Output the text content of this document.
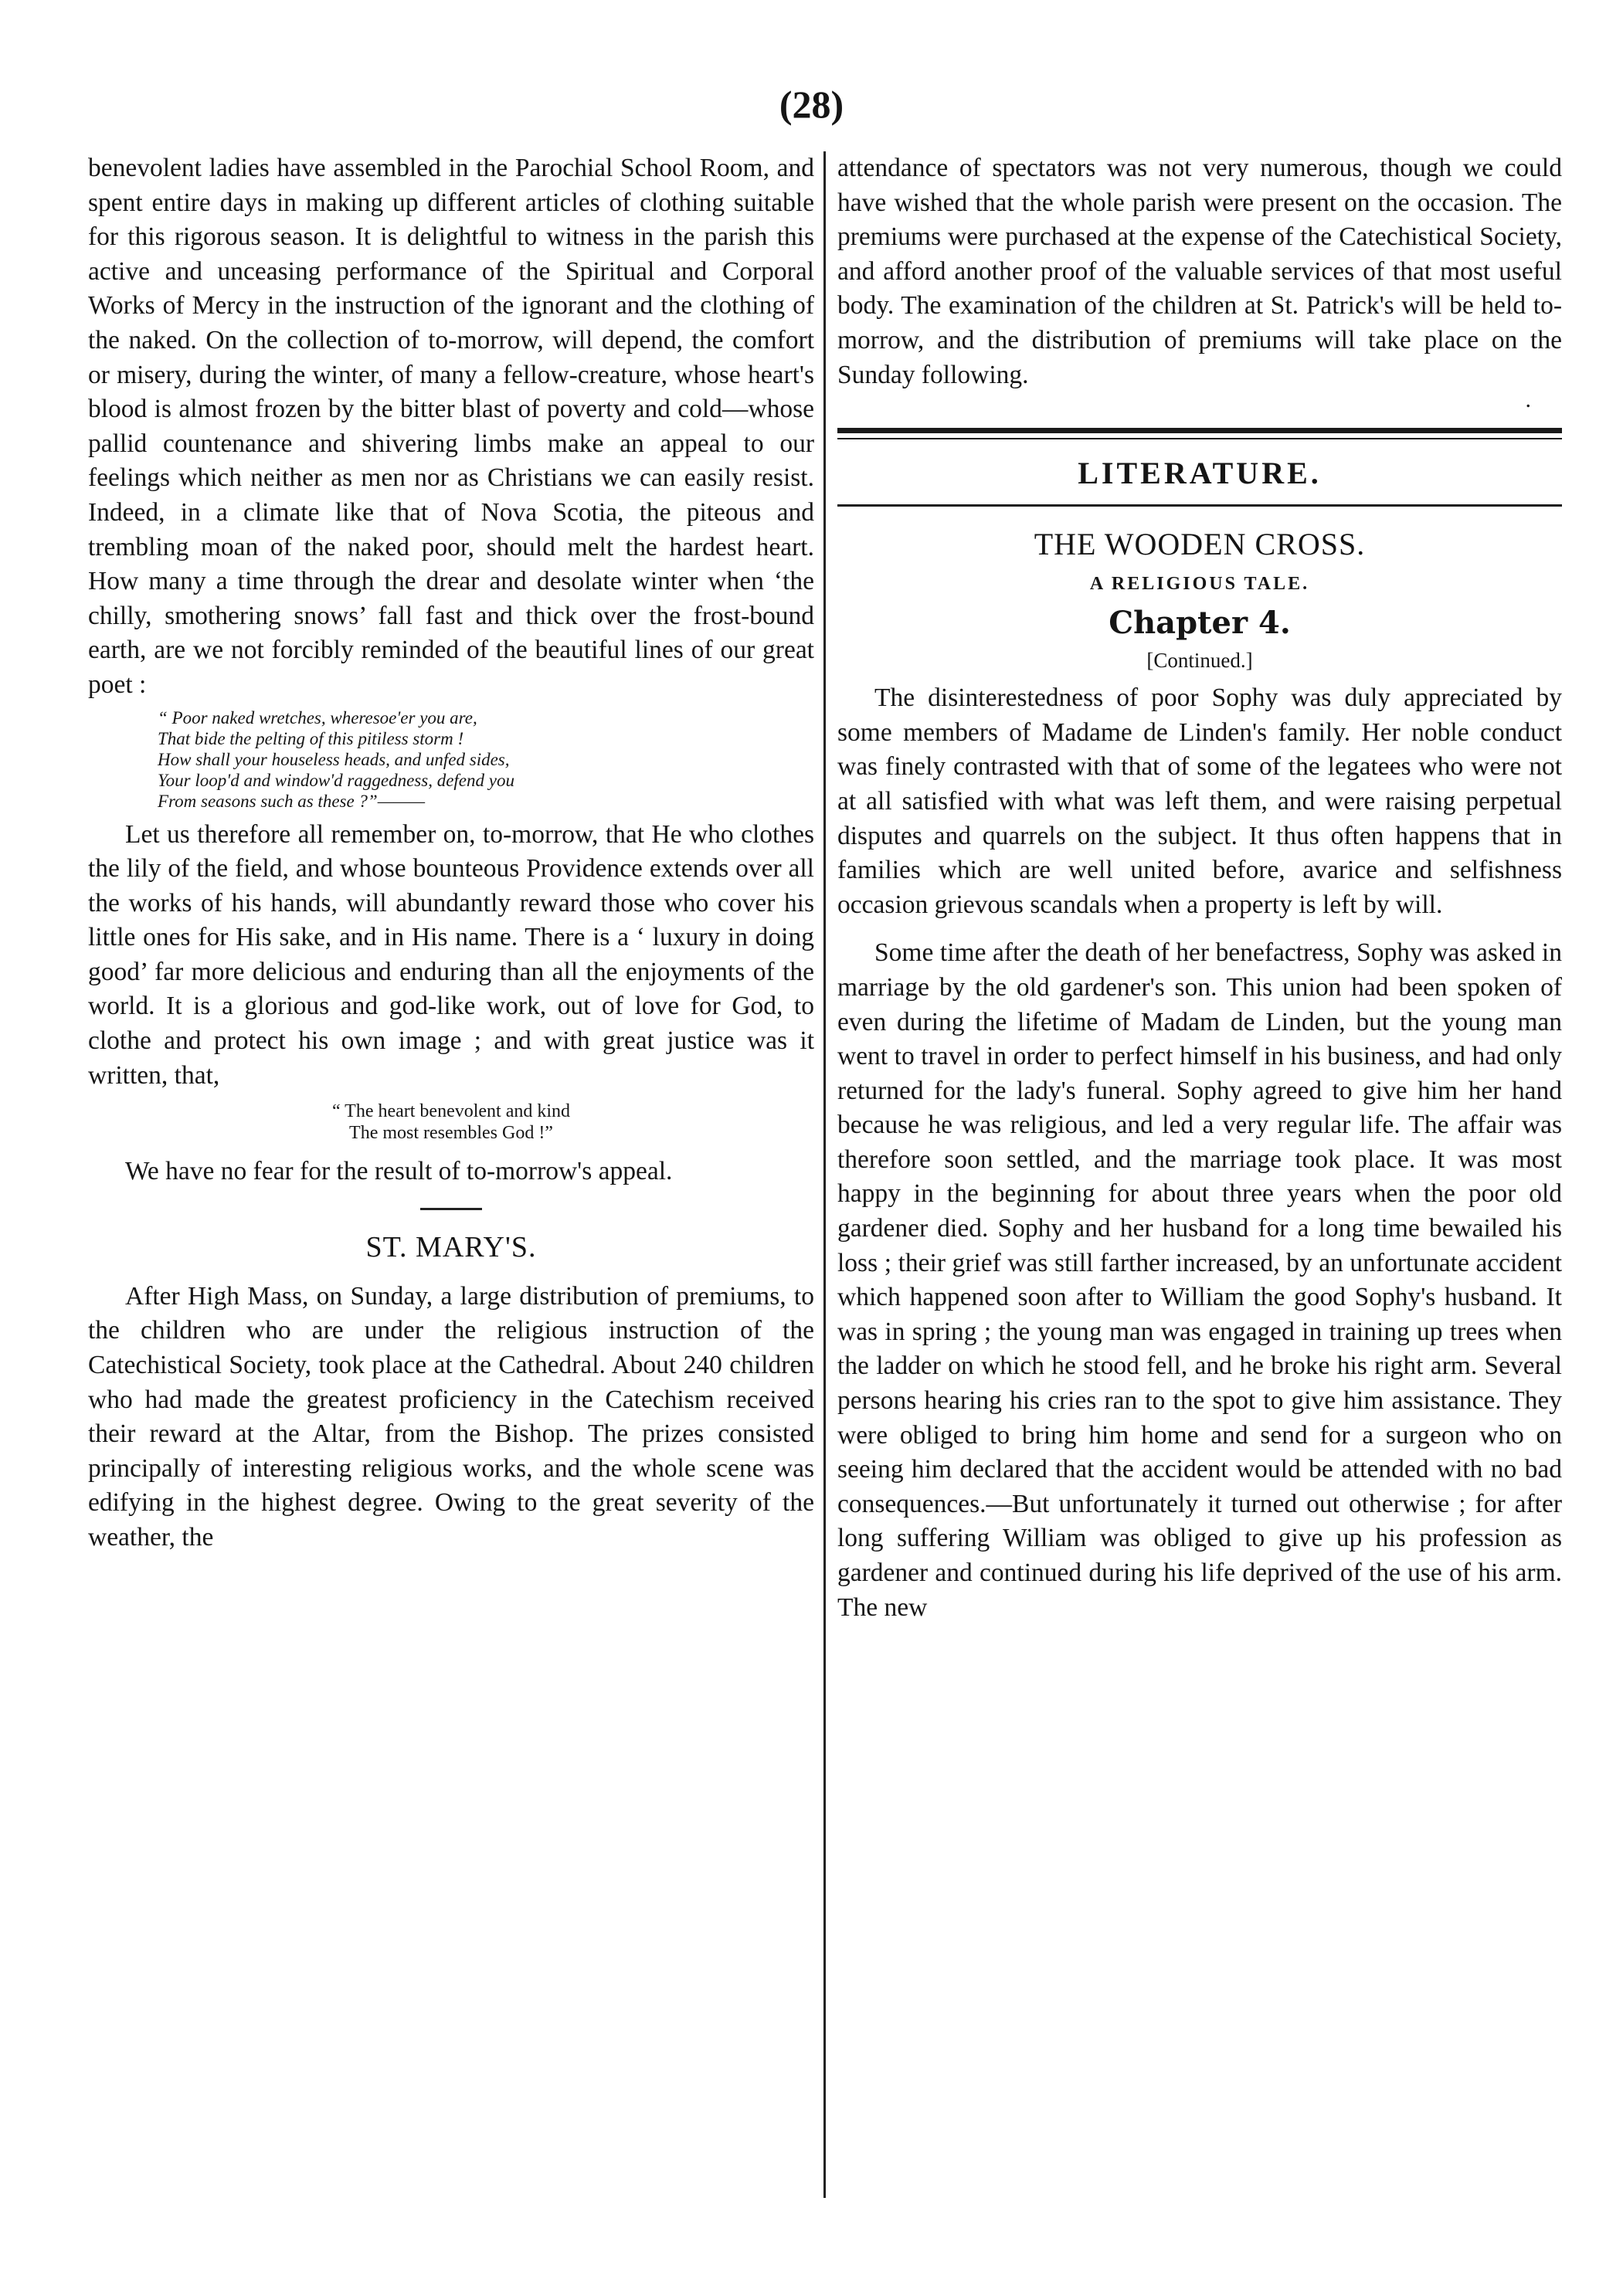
(28)

benevolent ladies have assembled in the Parochial School Room, and spent entire days in making up different articles of clothing suitable for this rigorous season. It is delightful to witness in the parish this active and unceasing performance of the Spiritual and Corporal Works of Mercy in the instruction of the ignorant and the clothing of the naked. On the collection of to-morrow, will depend, the comfort or misery, during the winter, of many a fellow-creature, whose heart's blood is almost frozen by the bitter blast of poverty and cold—whose pallid countenance and shivering limbs make an appeal to our feelings which neither as men nor as Christians we can easily resist. Indeed, in a climate like that of Nova Scotia, the piteous and trembling moan of the naked poor, should melt the hardest heart. How many a time through the drear and desolate winter when ‘the chilly, smothering snows’ fall fast and thick over the frost-bound earth, are we not forcibly reminded of the beautiful lines of our great poet :

“ Poor naked wretches, wheresoe'er you are,
That bide the pelting of this pitiless storm !
How shall your houseless heads, and unfed sides,
Your loop'd and window'd raggedness, defend you
From seasons such as these ?”———

Let us therefore all remember on, to-morrow, that He who clothes the lily of the field, and whose bounteous Providence extends over all the works of his hands, will abundantly reward those who cover his little ones for His sake, and in His name. There is a ‘ luxury in doing good’ far more delicious and enduring than all the enjoyments of the world. It is a glorious and god-like work, out of love for God, to clothe and protect his own image ; and with great justice was it written, that,

“ The heart benevolent and kind
The most resembles God !”

We have no fear for the result of to-morrow's appeal.

ST. MARY'S.

After High Mass, on Sunday, a large distribution of premiums, to the children who are under the religious instruction of the Catechistical Society, took place at the Cathedral. About 240 children who had made the greatest proficiency in the Catechism received their reward at the Altar, from the Bishop. The prizes consisted principally of interesting religious works, and the whole scene was edifying in the highest degree. Owing to the great severity of the weather, the

attendance of spectators was not very numerous, though we could have wished that the whole parish were present on the occasion. The premiums were purchased at the expense of the Catechistical Society, and afford another proof of the valuable services of that most useful body. The examination of the children at St. Patrick's will be held to-morrow, and the distribution of premiums will take place on the Sunday following.

.
LITERATURE.
THE WOODEN CROSS.
A RELIGIOUS TALE.
Chapter 4.
[Continued.]

The disinterestedness of poor Sophy was duly appreciated by some members of Madame de Linden's family. Her noble conduct was finely contrasted with that of some of the legatees who were not at all satisfied with what was left them, and were raising perpetual disputes and quarrels on the subject. It thus often happens that in families which are well united before, avarice and selfishness occasion grievous scandals when a property is left by will.

Some time after the death of her benefactress, Sophy was asked in marriage by the old gardener's son. This union had been spoken of even during the lifetime of Madam de Linden, but the young man went to travel in order to perfect himself in his business, and had only returned for the lady's funeral. Sophy agreed to give him her hand because he was religious, and led a very regular life. The affair was therefore soon settled, and the marriage took place. It was most happy in the beginning for about three years when the poor old gardener died. Sophy and her husband for a long time bewailed his loss ; their grief was still farther increased, by an unfortunate accident which happened soon after to William the good Sophy's husband. It was in spring ; the young man was engaged in training up trees when the ladder on which he stood fell, and he broke his right arm. Several persons hearing his cries ran to the spot to give him assistance. They were obliged to bring him home and send for a surgeon who on seeing him declared that the accident would be attended with no bad consequences.—But unfortunately it turned out otherwise ; for after long suffering William was obliged to give up his profession as gardener and continued during his life deprived of the use of his arm. The new
